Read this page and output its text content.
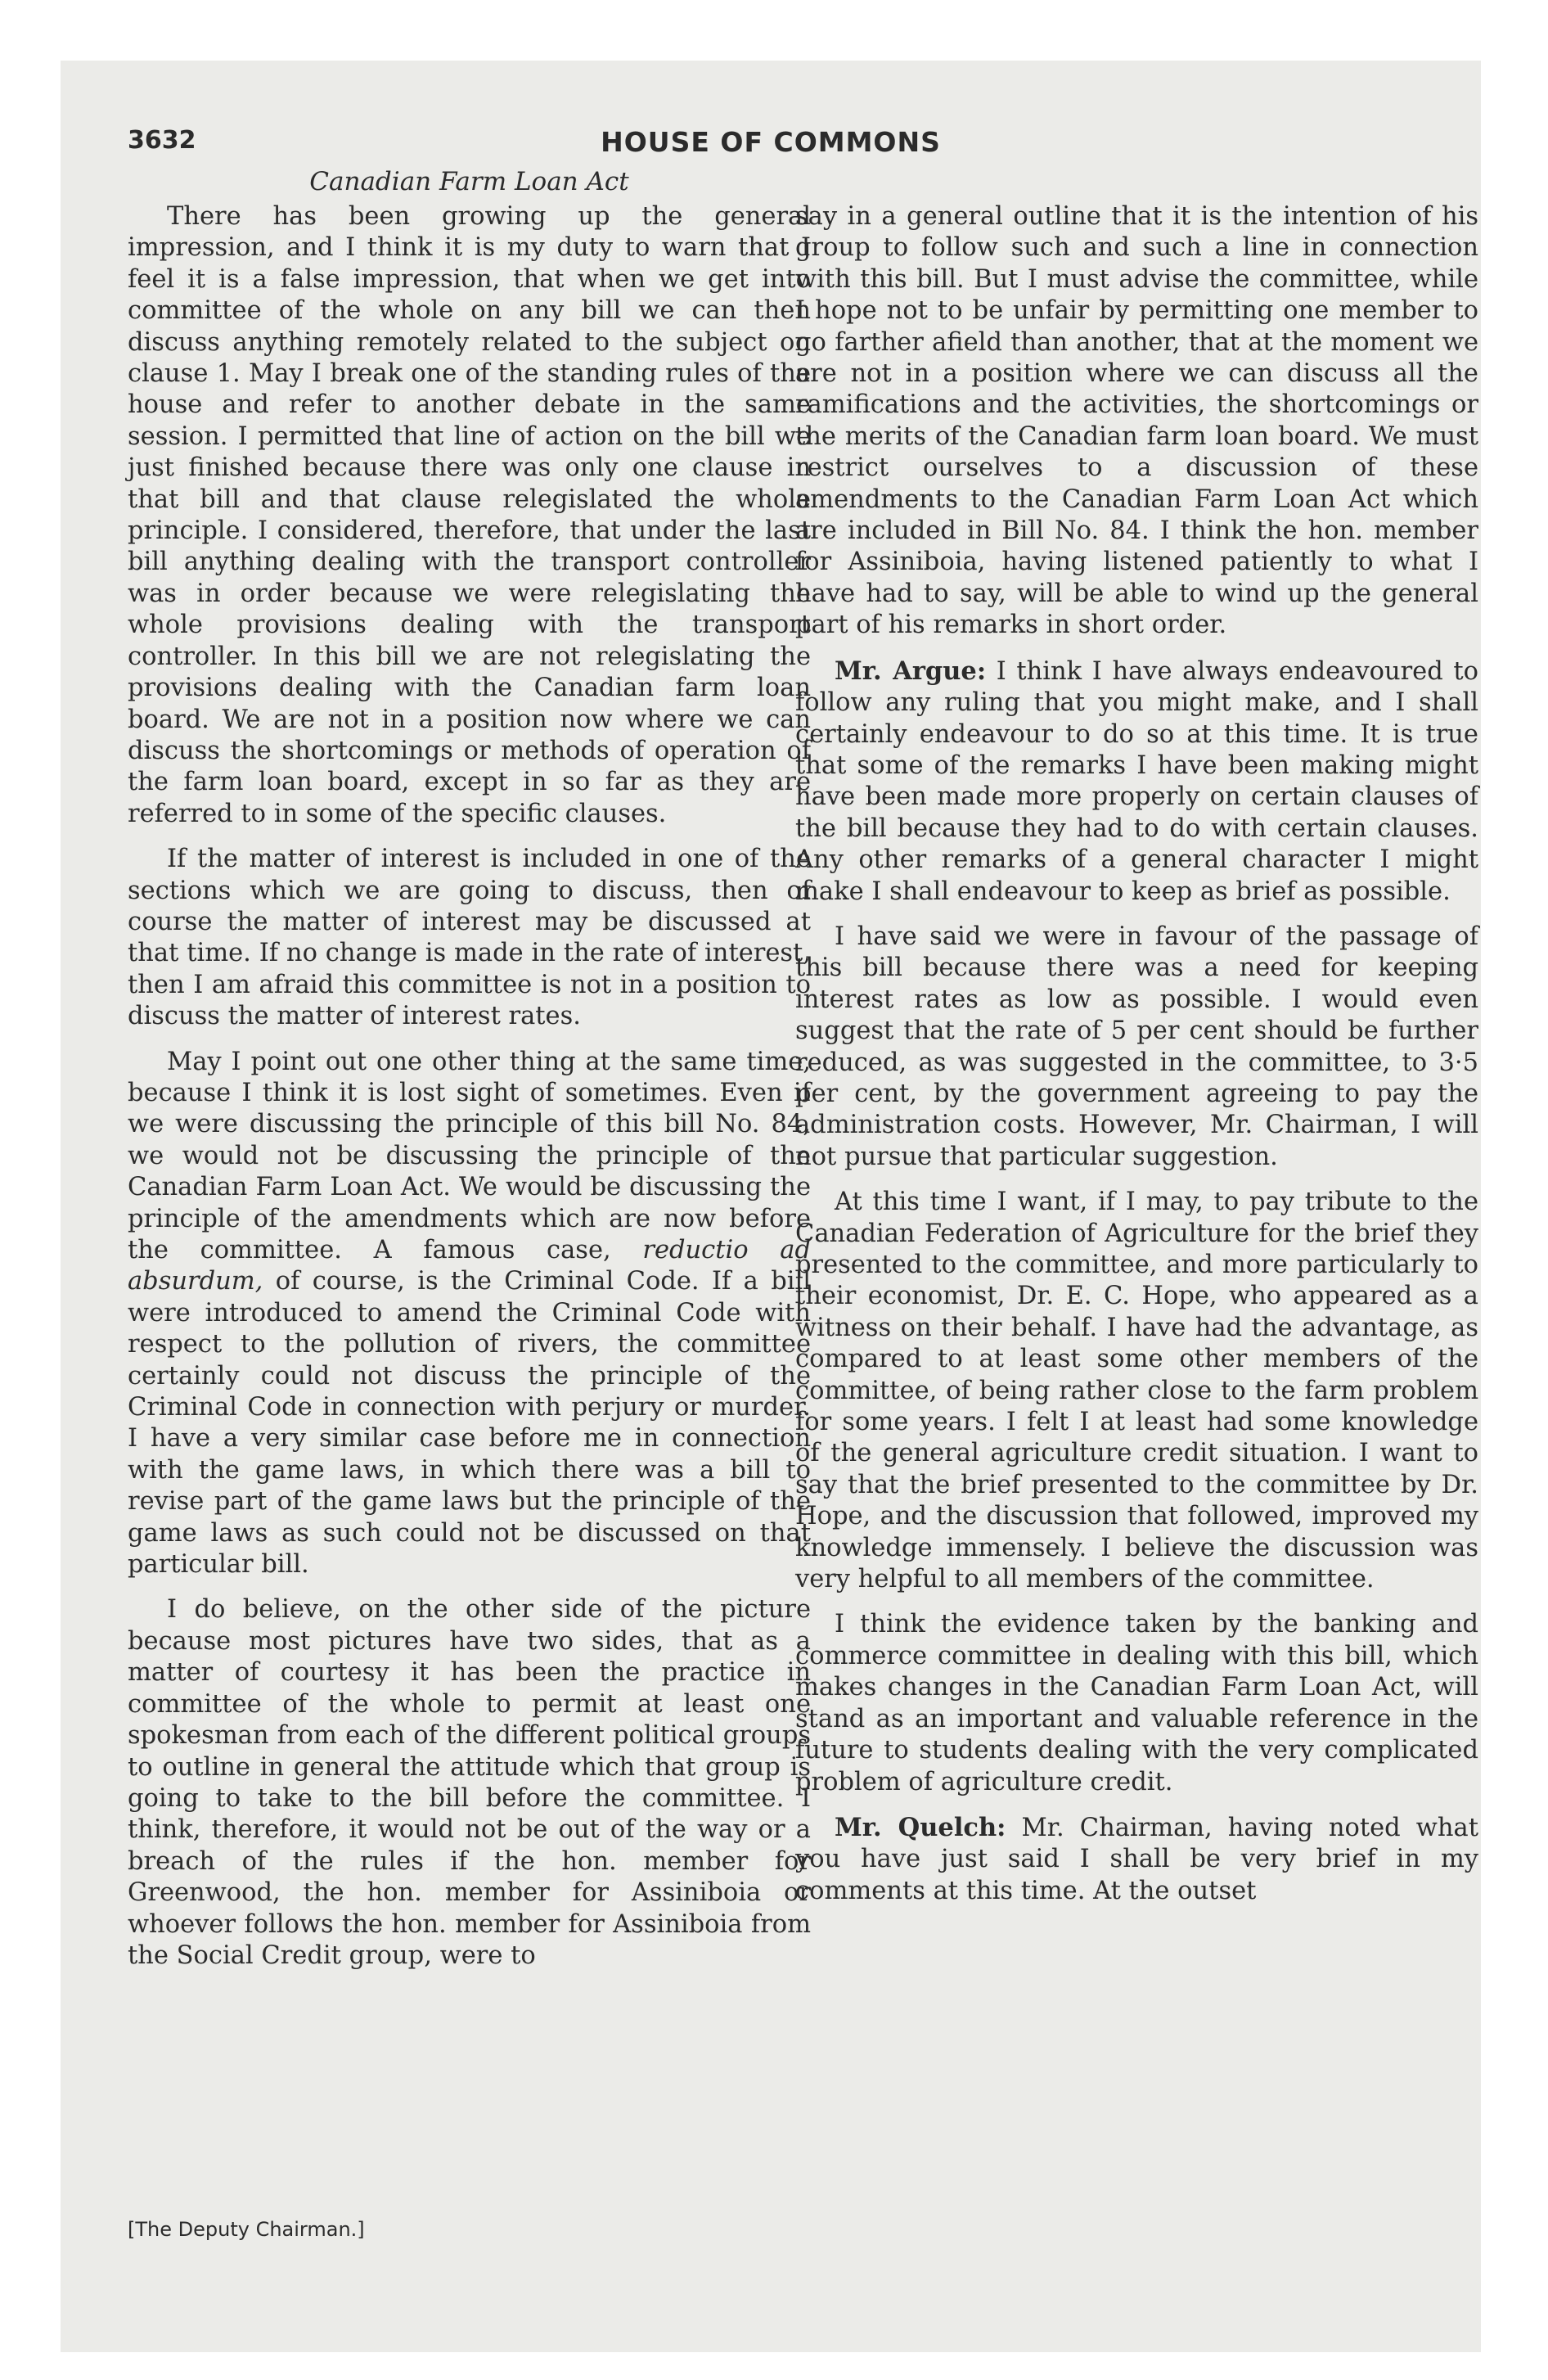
3632	HOUSE OF COMMONS
Canadian Farm Loan Act

There has been growing up the general impression, and I think it is my duty to warn that I feel it is a false impression, that when we get into committee of the whole on any bill we can then discuss anything remotely related to the subject on clause 1. May I break one of the standing rules of the house and refer to another debate in the same session. I permitted that line of action on the bill we just finished because there was only one clause in that bill and that clause relegislated the whole principle. I considered, therefore, that under the last bill anything dealing with the transport controller was in order because we were relegislating the whole provisions dealing with the transport controller. In this bill we are not relegislating the provisions dealing with the Canadian farm loan board. We are not in a position now where we can discuss the shortcomings or methods of operation of the farm loan board, except in so far as they are referred to in some of the specific clauses.

If the matter of interest is included in one of the sections which we are going to discuss, then of course the matter of interest may be discussed at that time. If no change is made in the rate of interest, then I am afraid this committee is not in a position to discuss the matter of interest rates.

May I point out one other thing at the same time, because I think it is lost sight of sometimes. Even if we were discussing the principle of this bill No. 84, we would not be discussing the principle of the Canadian Farm Loan Act. We would be discussing the principle of the amendments which are now before the committee. A famous case, reductio ad absurdum, of course, is the Criminal Code. If a bill were introduced to amend the Criminal Code with respect to the pollution of rivers, the committee certainly could not discuss the principle of the Criminal Code in connection with perjury or murder. I have a very similar case before me in connection with the game laws, in which there was a bill to revise part of the game laws but the principle of the game laws as such could not be discussed on that particular bill.

I do believe, on the other side of the picture because most pictures have two sides, that as a matter of courtesy it has been the practice in committee of the whole to permit at least one spokesman from each of the different political groups to outline in general the attitude which that group is going to take to the bill before the committee. I think, therefore, it would not be out of the way or a breach of the rules if the hon. member for Greenwood, the hon. member for Assiniboia or whoever follows the hon. member for Assiniboia from the Social Credit group, were to

[The Deputy Chairman.]

say in a general outline that it is the intention of his group to follow such and such a line in connection with this bill. But I must advise the committee, while I hope not to be unfair by permitting one member to go farther afield than another, that at the moment we are not in a position where we can discuss all the ramifications and the activities, the shortcomings or the merits of the Canadian farm loan board. We must restrict ourselves to a discussion of these amendments to the Canadian Farm Loan Act which are included in Bill No. 84. I think the hon. member for Assiniboia, having listened patiently to what I have had to say, will be able to wind up the general part of his remarks in short order.

Mr. Argue: I think I have always endeavoured to follow any ruling that you might make, and I shall certainly endeavour to do so at this time. It is true that some of the remarks I have been making might have been made more properly on certain clauses of the bill because they had to do with certain clauses. Any other remarks of a general character I might make I shall endeavour to keep as brief as possible.

I have said we were in favour of the passage of this bill because there was a need for keeping interest rates as low as possible. I would even suggest that the rate of 5 per cent should be further reduced, as was suggested in the committee, to 3·5 per cent, by the government agreeing to pay the administration costs. However, Mr. Chairman, I will not pursue that particular suggestion.

At this time I want, if I may, to pay tribute to the Canadian Federation of Agriculture for the brief they presented to the committee, and more particularly to their economist, Dr. E. C. Hope, who appeared as a witness on their behalf. I have had the advantage, as compared to at least some other members of the committee, of being rather close to the farm problem for some years. I felt I at least had some knowledge of the general agriculture credit situation. I want to say that the brief presented to the committee by Dr. Hope, and the discussion that followed, improved my knowledge immensely. I believe the discussion was very helpful to all members of the committee.

I think the evidence taken by the banking and commerce committee in dealing with this bill, which makes changes in the Canadian Farm Loan Act, will stand as an important and valuable reference in the future to students dealing with the very complicated problem of agriculture credit.

Mr. Quelch: Mr. Chairman, having noted what you have just said I shall be very brief in my comments at this time. At the outset
